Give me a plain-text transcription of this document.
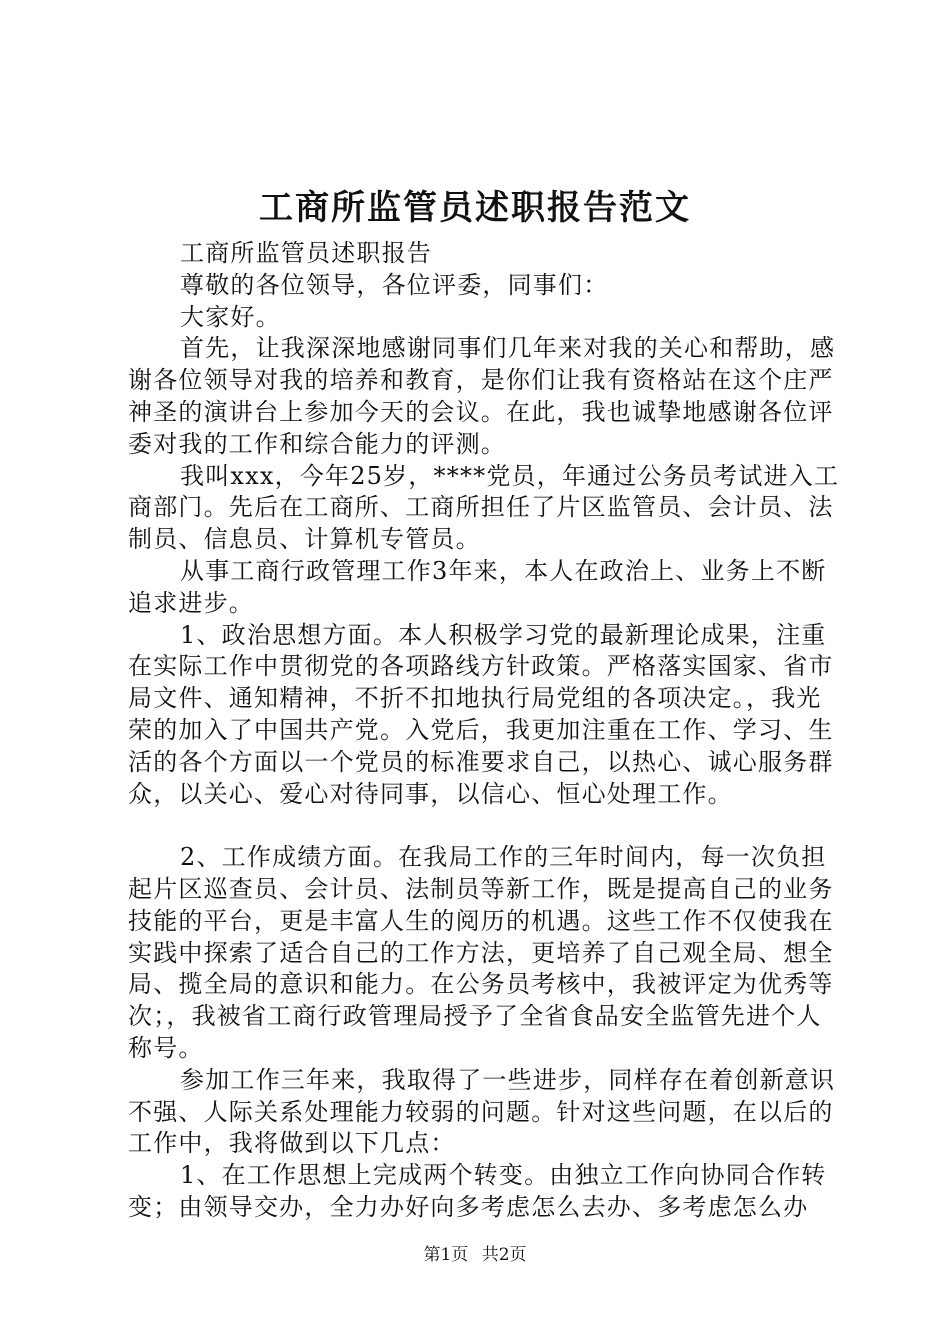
工商所监管员述职报告范文

工商所监管员述职报告

尊敬的各位领导，各位评委，同事们：

大家好。

首先，让我深深地感谢同事们几年来对我的关心和帮助，感谢各位领导对我的培养和教育，是你们让我有资格站在这个庄严神圣的演讲台上参加今天的会议。在此，我也诚挚地感谢各位评委对我的工作和综合能力的评测。

我叫xxx，今年25岁，****党员，年通过公务员考试进入工商部门。先后在工商所、工商所担任了片区监管员、会计员、法制员、信息员、计算机专管员。

从事工商行政管理工作3年来，本人在政治上、业务上不断追求进步。

1、政治思想方面。本人积极学习党的最新理论成果，注重在实际工作中贯彻党的各项路线方针政策。严格落实国家、省市局文件、通知精神，不折不扣地执行局党组的各项决定。，我光荣的加入了中国共产党。入党后，我更加注重在工作、学习、生活的各个方面以一个党员的标准要求自己，以热心、诚心服务群众，以关心、爱心对待同事，以信心、恒心处理工作。

2、工作成绩方面。在我局工作的三年时间内，每一次负担起片区巡查员、会计员、法制员等新工作，既是提高自己的业务技能的平台，更是丰富人生的阅历的机遇。这些工作不仅使我在实践中探索了适合自己的工作方法，更培养了自己观全局、想全局、揽全局的意识和能力。在公务员考核中，我被评定为优秀等次；，我被省工商行政管理局授予了全省食品安全监管先进个人称号。

参加工作三年来，我取得了一些进步，同样存在着创新意识不强、人际关系处理能力较弱的问题。针对这些问题，在以后的工作中，我将做到以下几点：

1、在工作思想上完成两个转变。由独立工作向协同合作转变；由领导交办，全力办好向多考虑怎么去办、多考虑怎么办

第1页 共2页
